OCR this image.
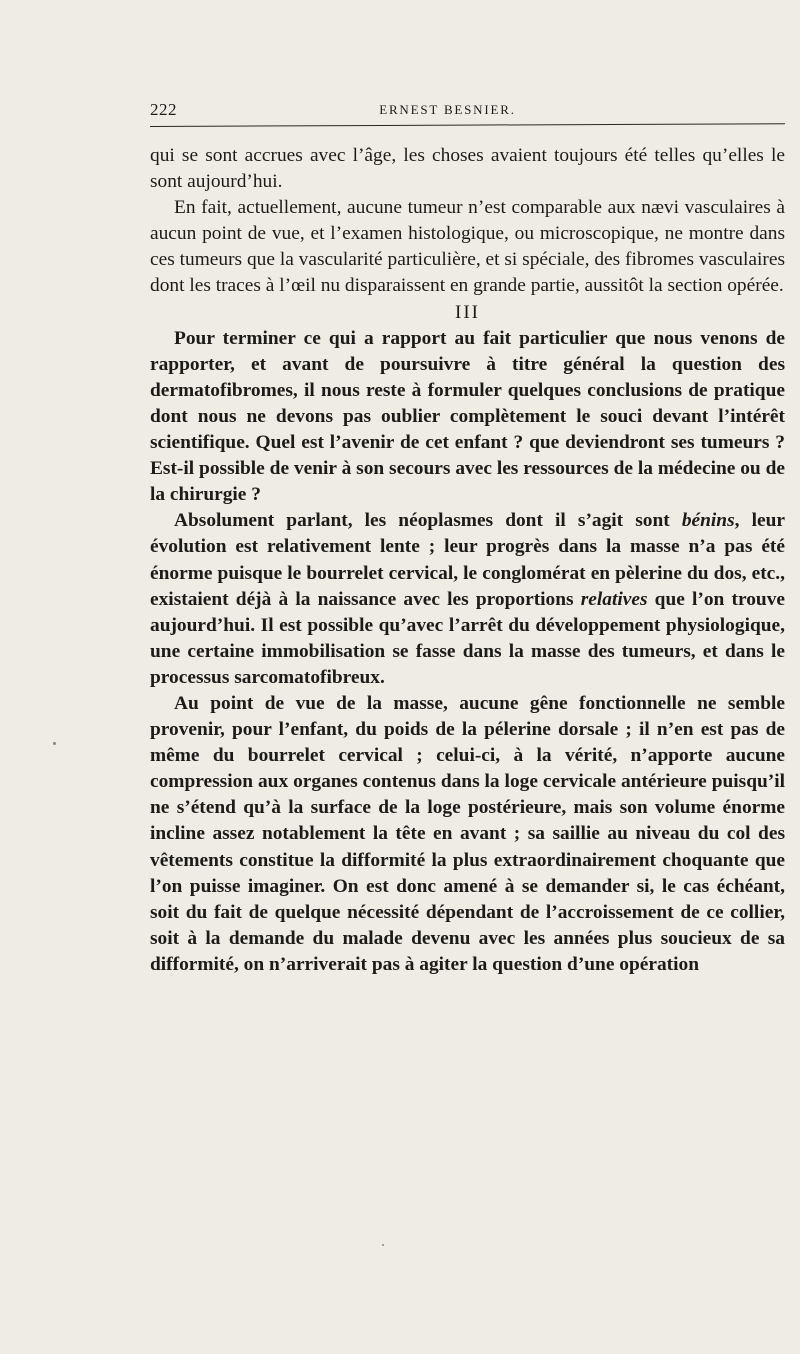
222	ERNEST BESNIER.

qui se sont accrues avec l’âge, les choses avaient toujours été telles qu’elles le sont aujourd’hui.

En fait, actuellement, aucune tumeur n’est comparable aux nævi vasculaires à aucun point de vue, et l’examen histologique, ou microscopique, ne montre dans ces tumeurs que la vascularité particulière, et si spéciale, des fibromes vasculaires dont les traces à l’œil nu disparaissent en grande partie, aussitôt la section opérée.

III

Pour terminer ce qui a rapport au fait particulier que nous venons de rapporter, et avant de poursuivre à titre général la question des dermatofibromes, il nous reste à formuler quelques conclusions de pratique dont nous ne devons pas oublier complètement le souci devant l’intérêt scientifique. Quel est l’avenir de cet enfant ? que deviendront ses tumeurs ? Est-il possible de venir à son secours avec les ressources de la médecine ou de la chirurgie ?

Absolument parlant, les néoplasmes dont il s’agit sont bénins, leur évolution est relativement lente ; leur progrès dans la masse n’a pas été énorme puisque le bourrelet cervical, le conglomérat en pèlerine du dos, etc., existaient déjà à la naissance avec les proportions relatives que l’on trouve aujourd’hui. Il est possible qu’avec l’arrêt du développement physiologique, une certaine immobilisation se fasse dans la masse des tumeurs, et dans le processus sarcomatofibreux.

Au point de vue de la masse, aucune gêne fonctionnelle ne semble provenir, pour l’enfant, du poids de la pélerine dorsale ; il n’en est pas de même du bourrelet cervical ; celui-ci, à la vérité, n’apporte aucune compression aux organes contenus dans la loge cervicale antérieure puisqu’il ne s’étend qu’à la surface de la loge postérieure, mais son volume énorme incline assez notablement la tête en avant ; sa saillie au niveau du col des vêtements constitue la difformité la plus extraordinairement choquante que l’on puisse imaginer. On est donc amené à se demander si, le cas échéant, soit du fait de quelque nécessité dépendant de l’accroissement de ce collier, soit à la demande du malade devenu avec les années plus soucieux de sa difformité, on n’arriverait pas à agiter la question d’une opération
